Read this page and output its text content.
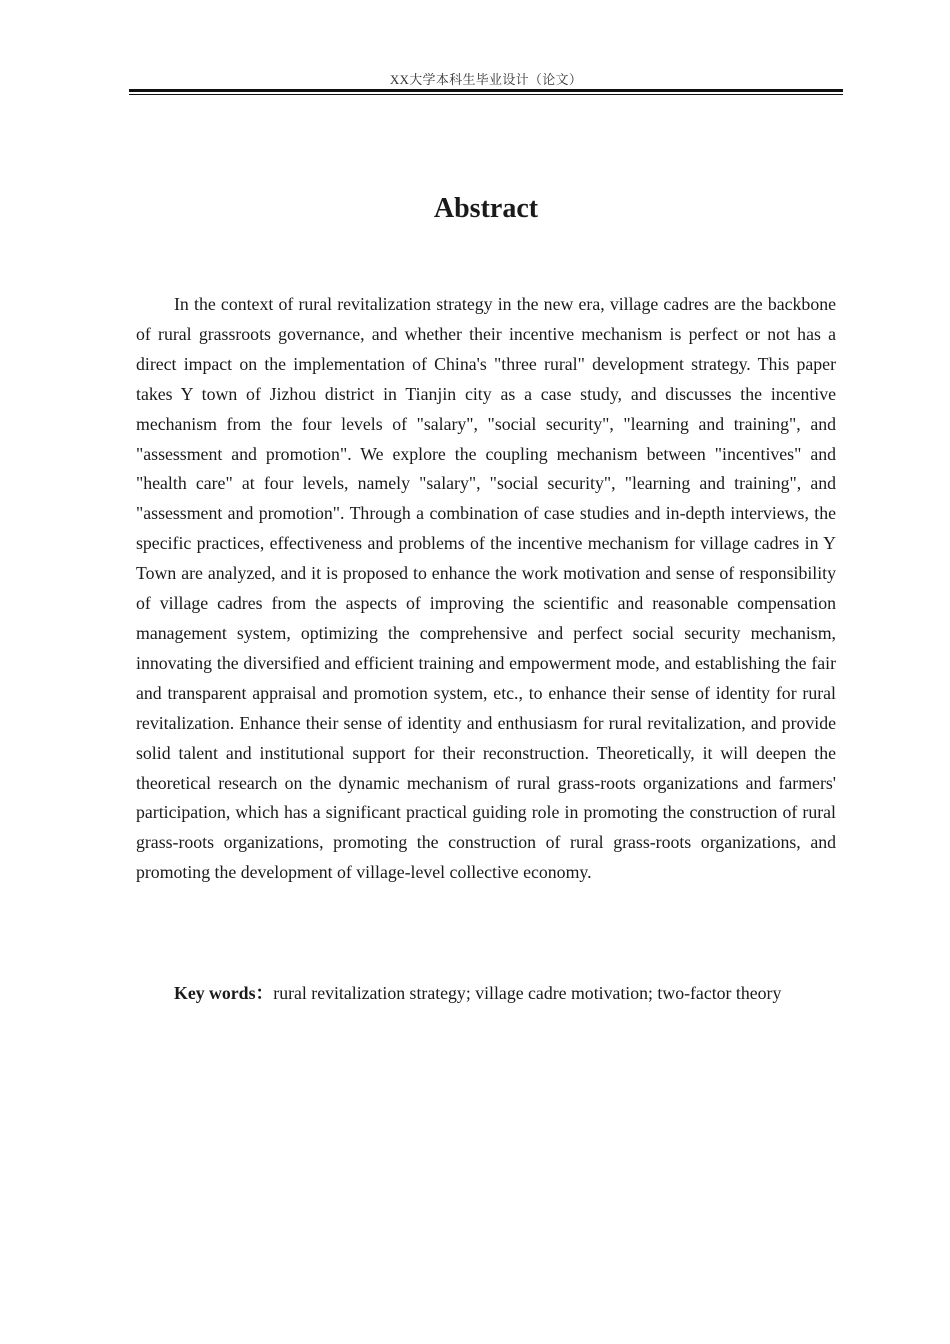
XX大学本科生毕业设计（论文）
Abstract

In the context of rural revitalization strategy in the new era, village cadres are the backbone of rural grassroots governance, and whether their incentive mechanism is perfect or not has a direct impact on the implementation of China's "three rural" development strategy. This paper takes Y town of Jizhou district in Tianjin city as a case study, and discusses the incentive mechanism from the four levels of "salary", "social security", "learning and training", and "assessment and promotion". We explore the coupling mechanism between "incentives" and "health care" at four levels, namely "salary", "social security", "learning and training", and "assessment and promotion". Through a combination of case studies and in-depth interviews, the specific practices, effectiveness and problems of the incentive mechanism for village cadres in Y Town are analyzed, and it is proposed to enhance the work motivation and sense of responsibility of village cadres from the aspects of improving the scientific and reasonable compensation management system, optimizing the comprehensive and perfect social security mechanism, innovating the diversified and efficient training and empowerment mode, and establishing the fair and transparent appraisal and promotion system, etc., to enhance their sense of identity for rural revitalization. Enhance their sense of identity and enthusiasm for rural revitalization, and provide solid talent and institutional support for their reconstruction. Theoretically, it will deepen the theoretical research on the dynamic mechanism of rural grass-roots organizations and farmers' participation, which has a significant practical guiding role in promoting the construction of rural grass-roots organizations, promoting the construction of rural grass-roots organizations, and promoting the development of village-level collective economy.

Key words：rural revitalization strategy; village cadre motivation; two-factor theory
